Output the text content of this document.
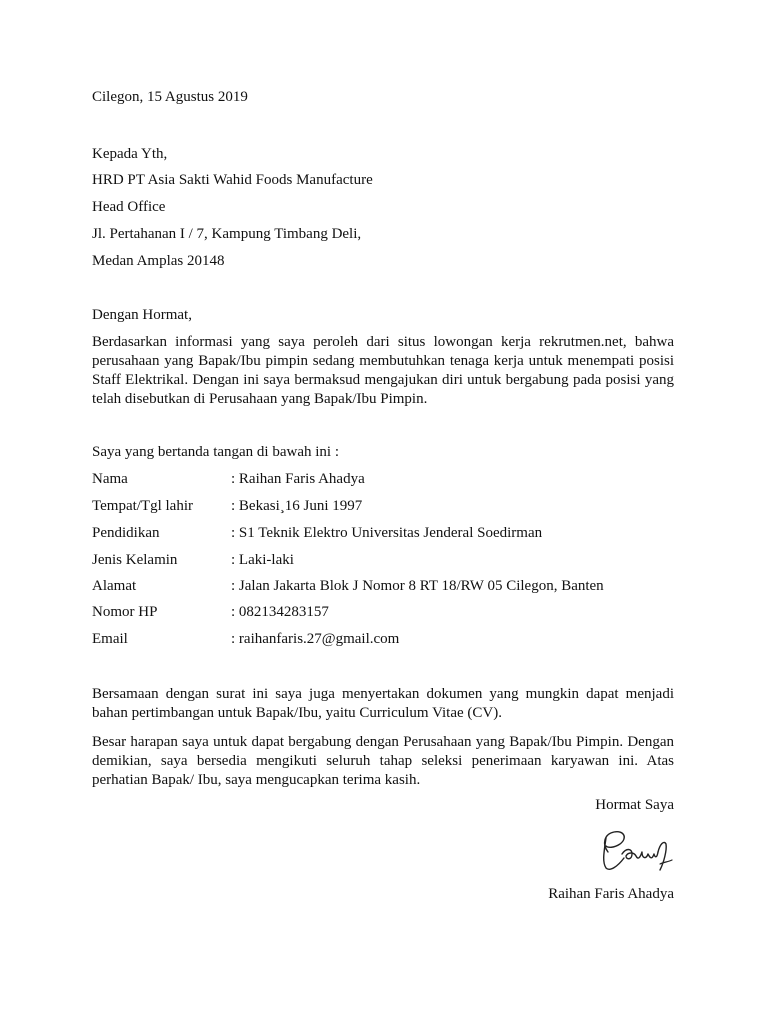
Cilegon, 15 Agustus 2019
Kepada Yth,
HRD PT Asia Sakti Wahid Foods Manufacture
Head Office
Jl. Pertahanan I / 7, Kampung Timbang Deli,
Medan Amplas 20148
Dengan Hormat,
Berdasarkan informasi yang saya peroleh dari situs lowongan kerja rekrutmen.net, bahwa perusahaan yang Bapak/Ibu pimpin sedang membutuhkan tenaga kerja untuk menempati posisi Staff Elektrikal. Dengan ini saya bermaksud mengajukan diri untuk bergabung pada posisi yang telah disebutkan di Perusahaan yang Bapak/Ibu Pimpin.
Saya yang bertanda tangan di bawah ini :
Nama	: Raihan Faris Ahadya
Tempat/Tgl lahir	: Bekasi¸16 Juni 1997
Pendidikan	: S1 Teknik Elektro Universitas Jenderal Soedirman
Jenis Kelamin	: Laki-laki
Alamat	: Jalan Jakarta Blok J Nomor 8 RT 18/RW 05 Cilegon, Banten
Nomor HP	: 082134283157
Email	: raihanfaris.27@gmail.com
Bersamaan dengan surat ini saya juga menyertakan dokumen yang mungkin dapat menjadi bahan pertimbangan untuk Bapak/Ibu, yaitu Curriculum Vitae (CV).
Besar harapan saya untuk dapat bergabung dengan Perusahaan yang Bapak/Ibu Pimpin. Dengan demikian, saya bersedia mengikuti seluruh tahap seleksi penerimaan karyawan ini. Atas perhatian Bapak/ Ibu, saya mengucapkan terima kasih.
Hormat Saya
Raihan Faris Ahadya
